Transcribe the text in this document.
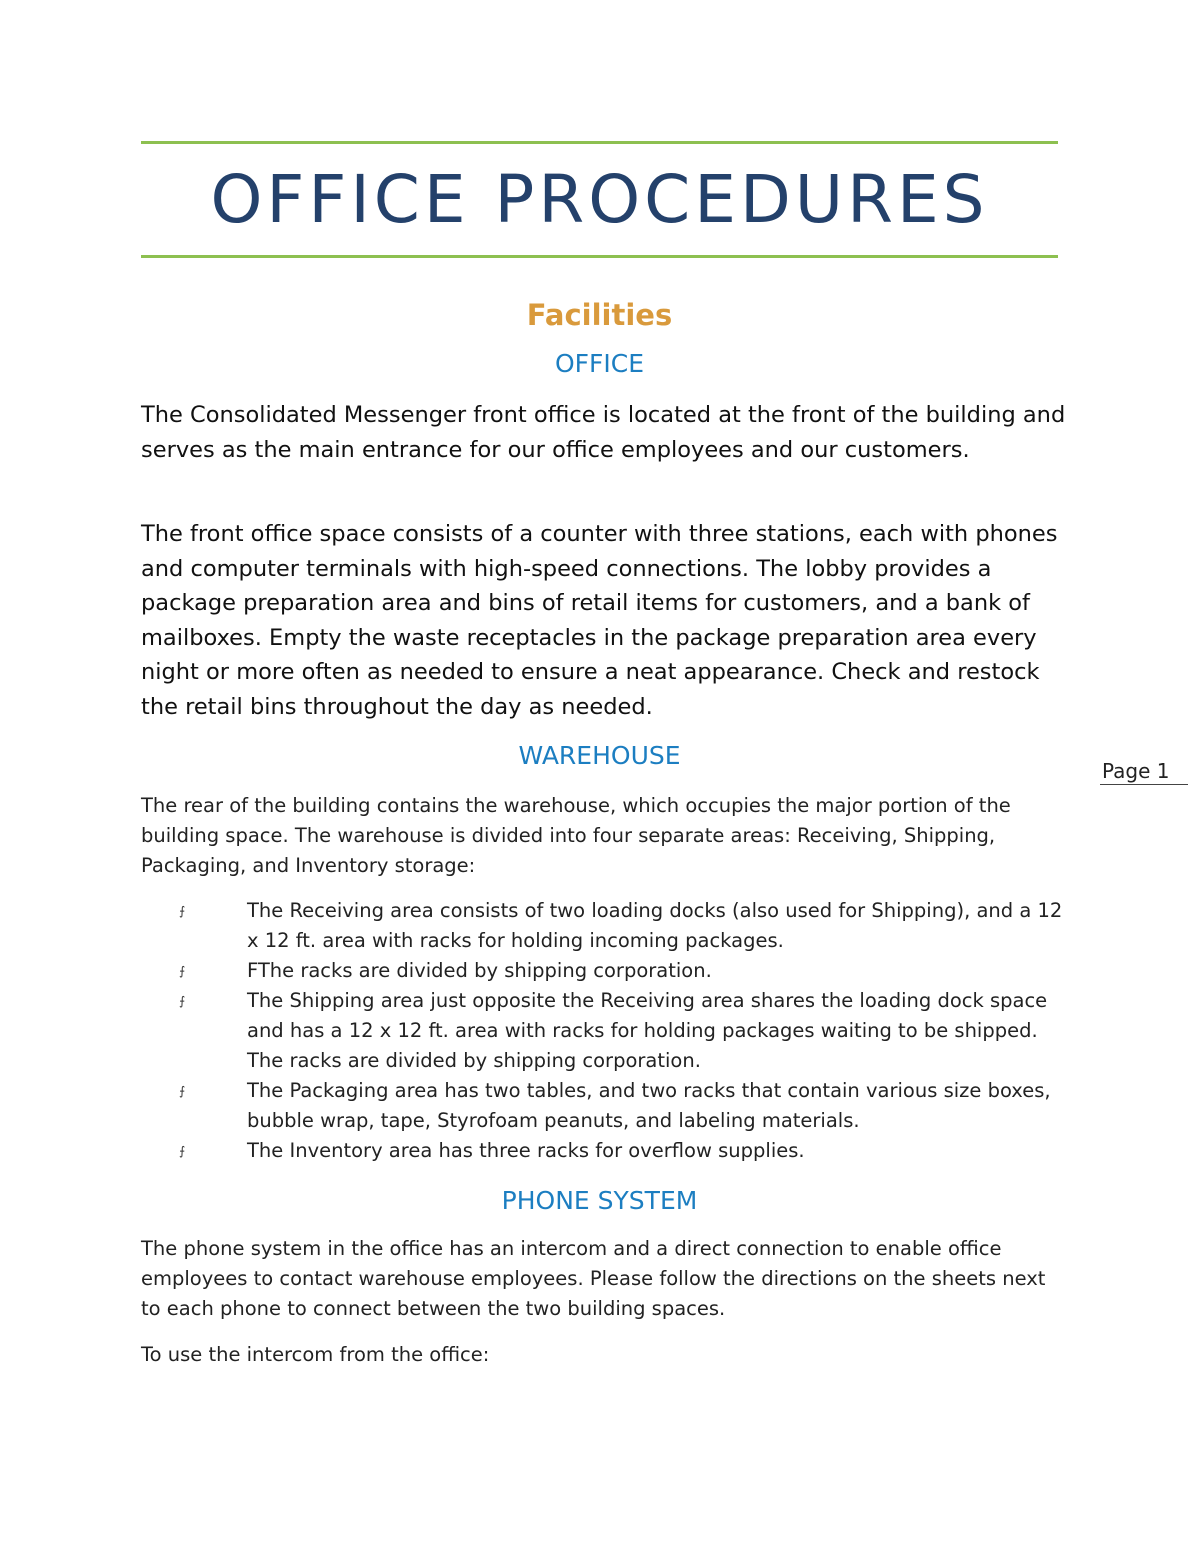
OFFICE PROCEDURES
Facilities
OFFICE
The Consolidated Messenger front office is located at the front of the building and serves as the main entrance for our office employees and our customers.
The front office space consists of a counter with three stations, each with phones and computer terminals with high-speed connections. The lobby provides a package preparation area and bins of retail items for customers, and a bank of mailboxes. Empty the waste receptacles in the package preparation area every night or more often as needed to ensure a neat appearance. Check and restock the retail bins throughout the day as needed.
WAREHOUSE
The rear of the building contains the warehouse, which occupies the major portion of the building space. The warehouse is divided into four separate areas: Receiving, Shipping, Packaging, and Inventory storage:
⨍	The Receiving area consists of two loading docks (also used for Shipping), and a 12 x 12 ft. area with racks for holding incoming packages.
⨍	FThe racks are divided by shipping corporation.
⨍	The Shipping area just opposite the Receiving area shares the loading dock space and has a 12 x 12 ft. area with racks for holding packages waiting to be shipped. The racks are divided by shipping corporation.
⨍	The Packaging area has two tables, and two racks that contain various size boxes, bubble wrap, tape, Styrofoam peanuts, and labeling materials.
⨍	The Inventory area has three racks for overflow supplies.
PHONE SYSTEM
The phone system in the office has an intercom and a direct connection to enable office employees to contact warehouse employees. Please follow the directions on the sheets next to each phone to connect between the two building spaces.
To use the intercom from the office:
Page 1
